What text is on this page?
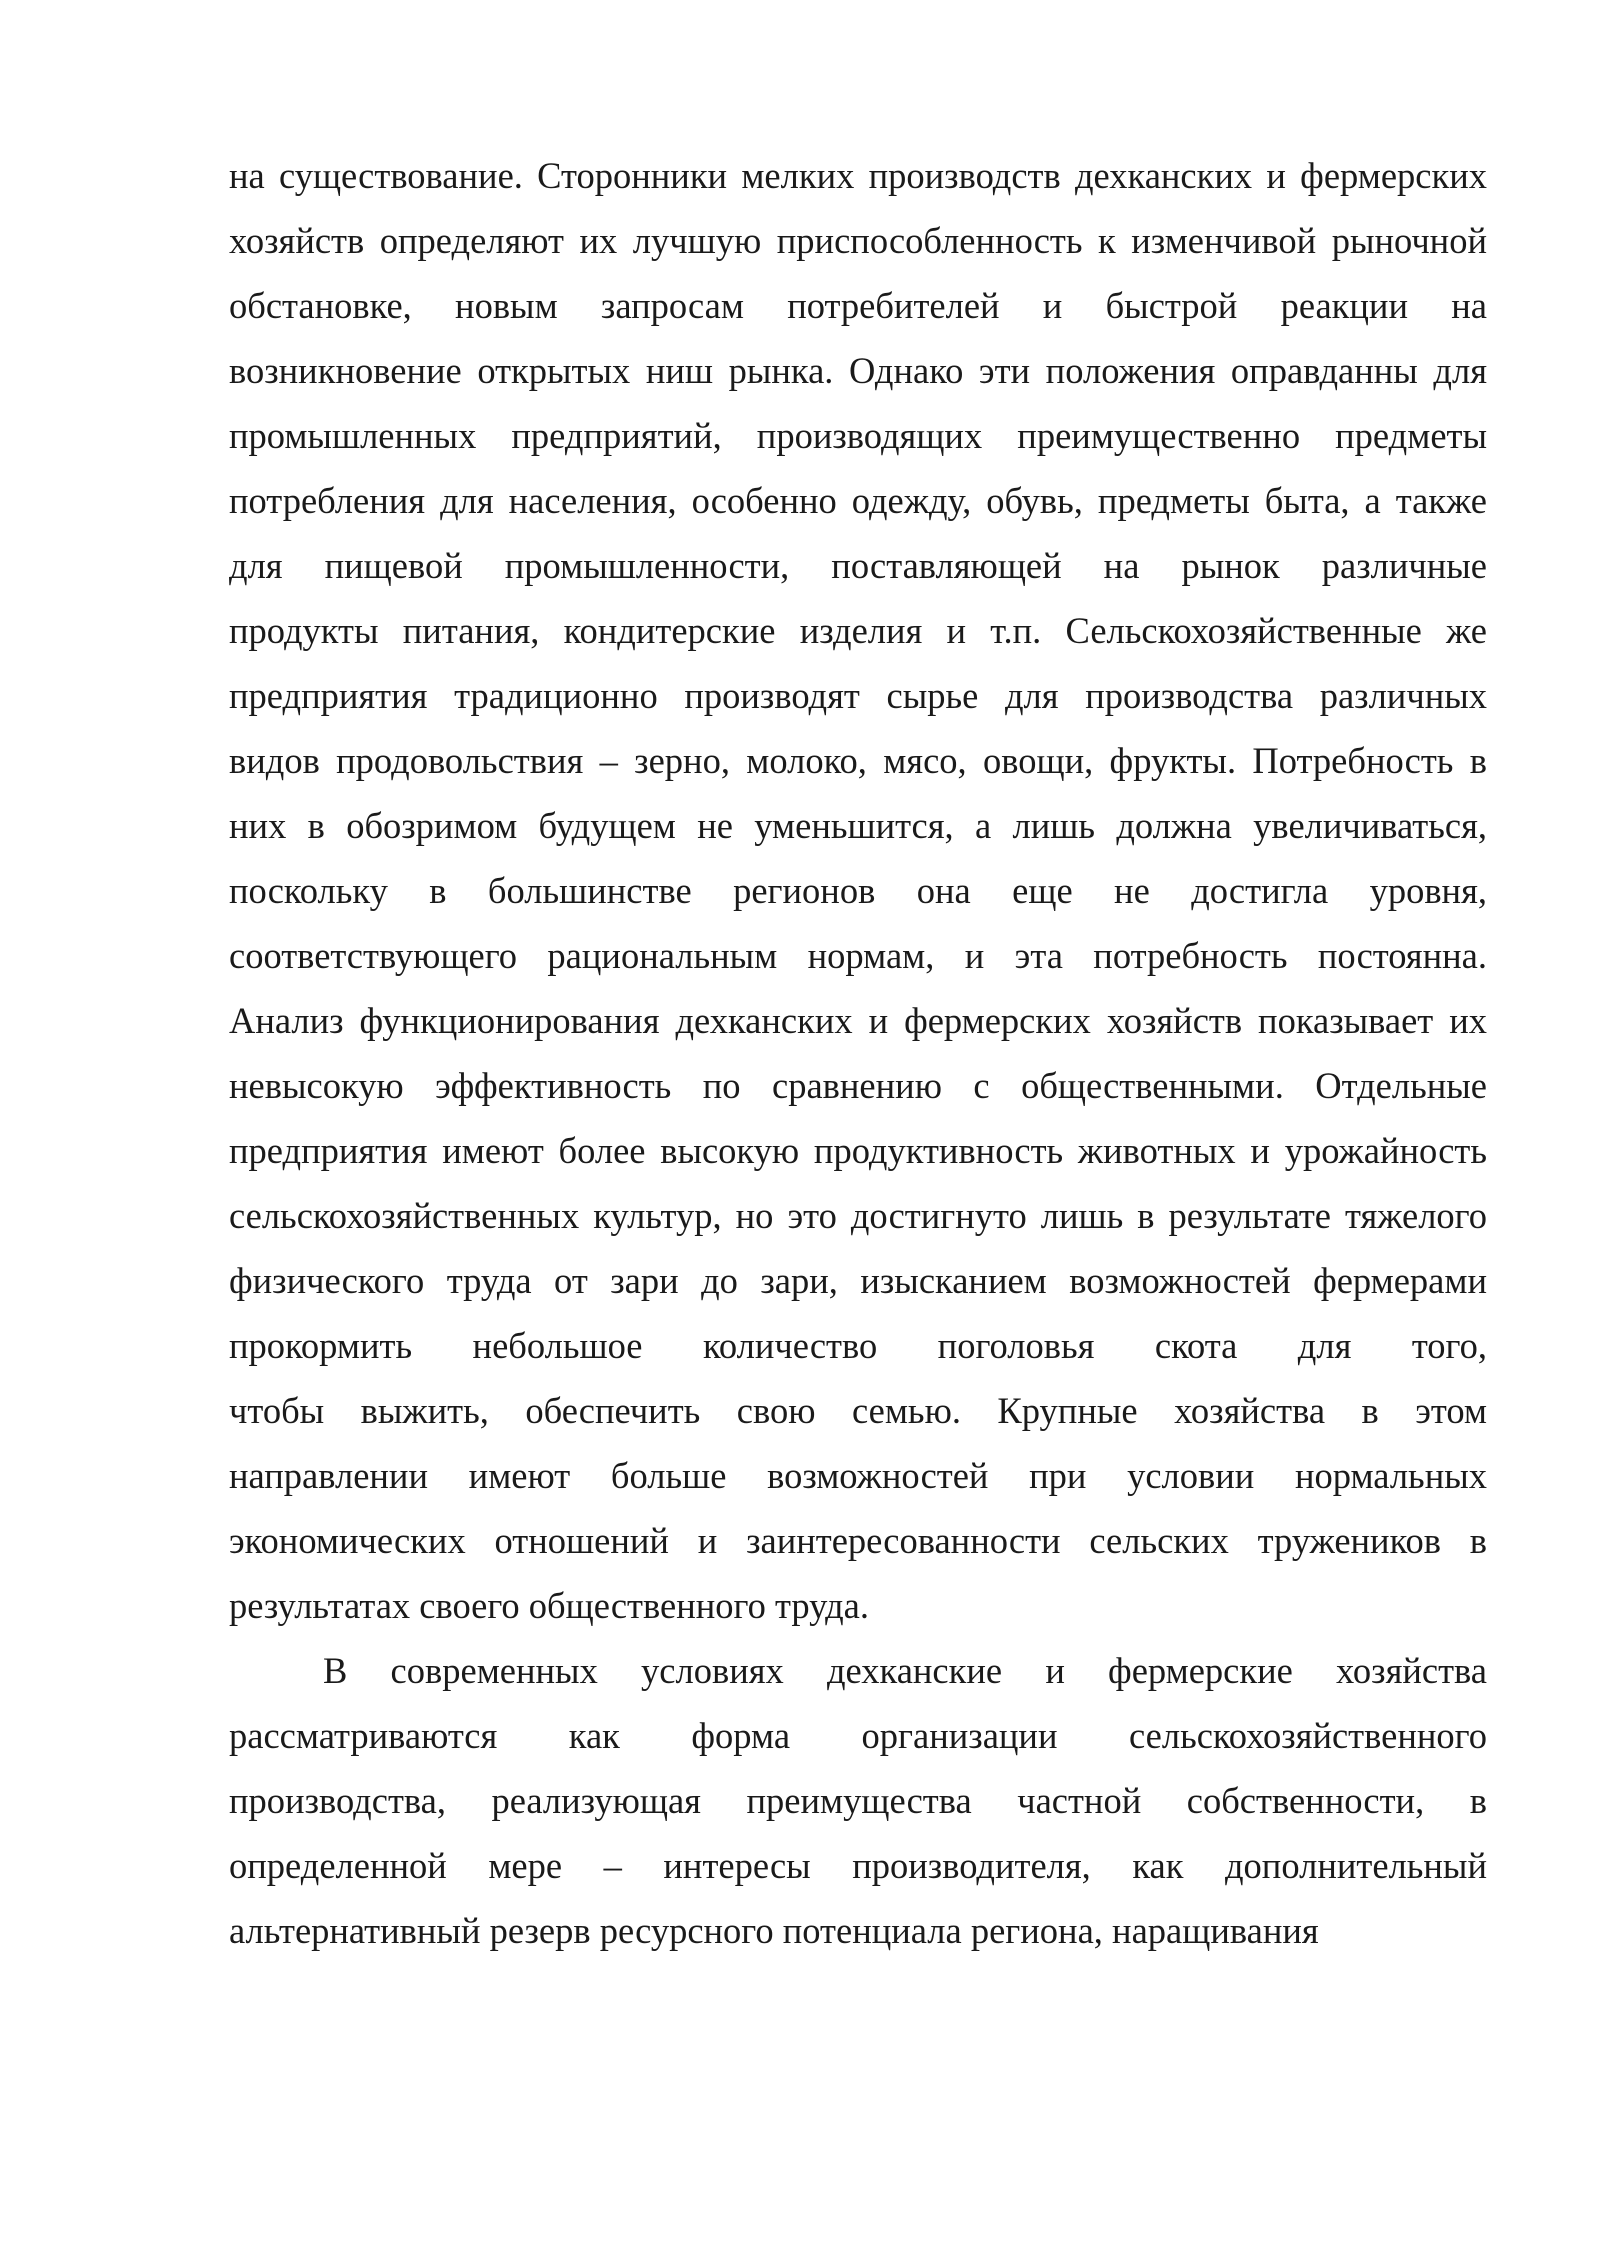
на существование. Сторонники мелких производств дехканских и фермерских
хозяйств определяют их лучшую приспособленность к изменчивой рыночной
обстановке, новым запросам потребителей и быстрой реакции на
возникновение открытых ниш рынка. Однако эти положения оправданны для
промышленных предприятий, производящих преимущественно предметы
потребления для населения, особенно одежду, обувь, предметы быта, а также
для пищевой промышленности, поставляющей на рынок различные
продукты питания, кондитерские изделия и т.п. Сельскохозяйственные же
предприятия традиционно производят сырье для производства различных
видов продовольствия – зерно, молоко, мясо, овощи, фрукты. Потребность в
них в обозримом будущем не уменьшится, а лишь должна увеличиваться,
поскольку в большинстве регионов она еще не достигла уровня,
соответствующего рациональным нормам, и эта потребность постоянна.
Анализ функционирования дехканских и фермерских хозяйств показывает их
невысокую эффективность по сравнению с общественными. Отдельные
предприятия имеют более высокую продуктивность животных и урожайность
сельскохозяйственных культур, но это достигнуто лишь в результате тяжелого
физического труда от зари до зари, изысканием возможностей фермерами
прокормить небольшое количество поголовья скота для того,
чтобы выжить, обеспечить свою семью. Крупные хозяйства в этом
направлении имеют больше возможностей при условии нормальных
экономических отношений и заинтересованности сельских тружеников в
результатах своего общественного труда.
В современных условиях дехканские и фермерские хозяйства
рассматриваются как форма организации сельскохозяйственного
производства, реализующая преимущества частной собственности, в
определенной мере – интересы производителя, как дополнительный
альтернативный резерв ресурсного потенциала региона, наращивания
